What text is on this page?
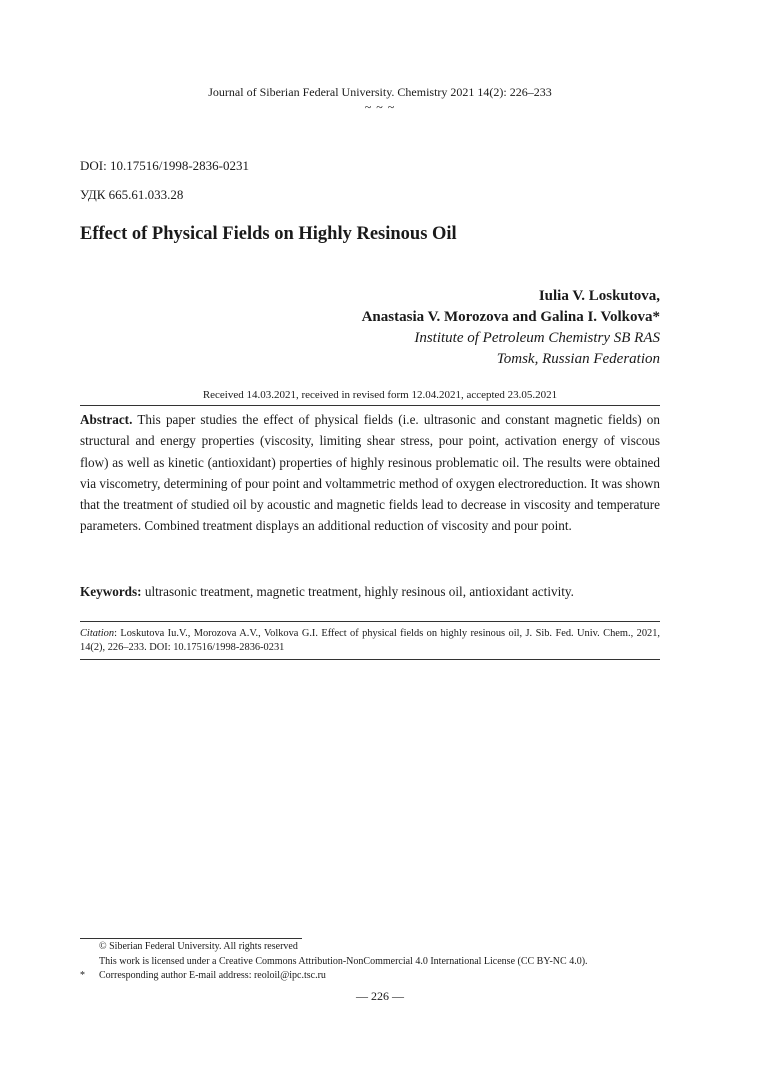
Journal of Siberian Federal University. Chemistry 2021 14(2): 226–233
~ ~ ~
DOI: 10.17516/1998-2836-0231
УДК 665.61.033.28
Effect of Physical Fields on Highly Resinous Oil
Iulia V. Loskutova,
Anastasia V. Morozova and Galina I. Volkova*
Institute of Petroleum Chemistry SB RAS
Tomsk, Russian Federation
Received 14.03.2021, received in revised form 12.04.2021, accepted 23.05.2021
Abstract. This paper studies the effect of physical fields (i.e. ultrasonic and constant magnetic fields) on structural and energy properties (viscosity, limiting shear stress, pour point, activation energy of viscous flow) as well as kinetic (antioxidant) properties of highly resinous problematic oil. The results were obtained via viscometry, determining of pour point and voltammetric method of oxygen electroreduction. It was shown that the treatment of studied oil by acoustic and magnetic fields lead to decrease in viscosity and temperature parameters. Combined treatment displays an additional reduction of viscosity and pour point.
Keywords: ultrasonic treatment, magnetic treatment, highly resinous oil, antioxidant activity.
Citation: Loskutova Iu.V., Morozova A.V., Volkova G.I. Effect of physical fields on highly resinous oil, J. Sib. Fed. Univ. Chem., 2021, 14(2), 226–233. DOI: 10.17516/1998-2836-0231
© Siberian Federal University. All rights reserved
This work is licensed under a Creative Commons Attribution-NonCommercial 4.0 International License (CC BY-NC 4.0).
* Corresponding author E-mail address: reoloil@ipc.tsc.ru
— 226 —
